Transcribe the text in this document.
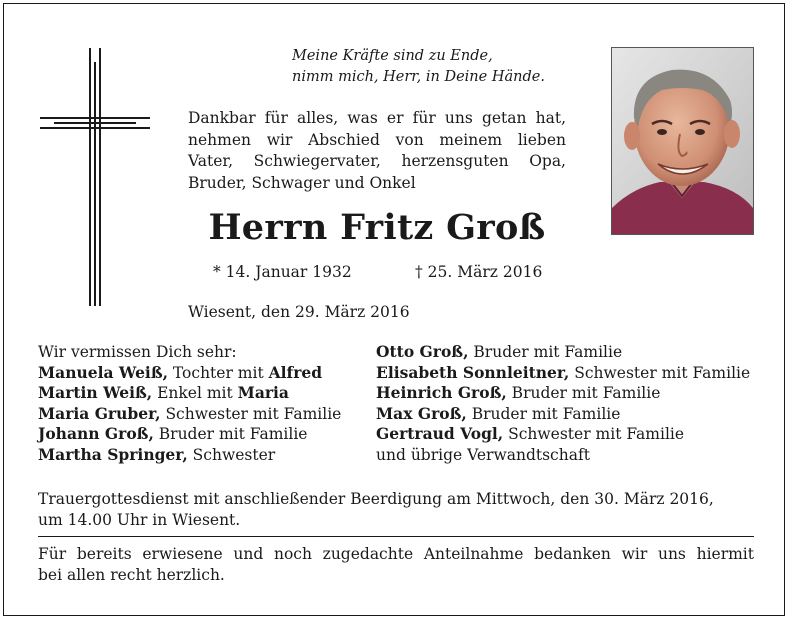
Meine Kräfte sind zu Ende,
nimm mich, Herr, in Deine Hände.
Dankbar für alles, was er für uns getan hat,
nehmen wir Abschied von meinem lieben
Vater, Schwiegervater, herzensguten Opa,
Bruder, Schwager und Onkel
Herrn Fritz Groß
* 14. Januar 1932	† 25. März 2016
Wiesent, den 29. März 2016
Wir vermissen Dich sehr:
Manuela Weiß, Tochter mit Alfred
Martin Weiß, Enkel mit Maria
Maria Gruber, Schwester mit Familie
Johann Groß, Bruder mit Familie
Martha Springer, Schwester
Otto Groß, Bruder mit Familie
Elisabeth Sonnleitner, Schwester mit Familie
Heinrich Groß, Bruder mit Familie
Max Groß, Bruder mit Familie
Gertraud Vogl, Schwester mit Familie
und übrige Verwandtschaft
Trauergottesdienst mit anschließender Beerdigung am Mittwoch, den 30. März 2016,
um 14.00 Uhr in Wiesent.
Für bereits erwiesene und noch zugedachte Anteilnahme bedanken wir uns hiermit
bei allen recht herzlich.
